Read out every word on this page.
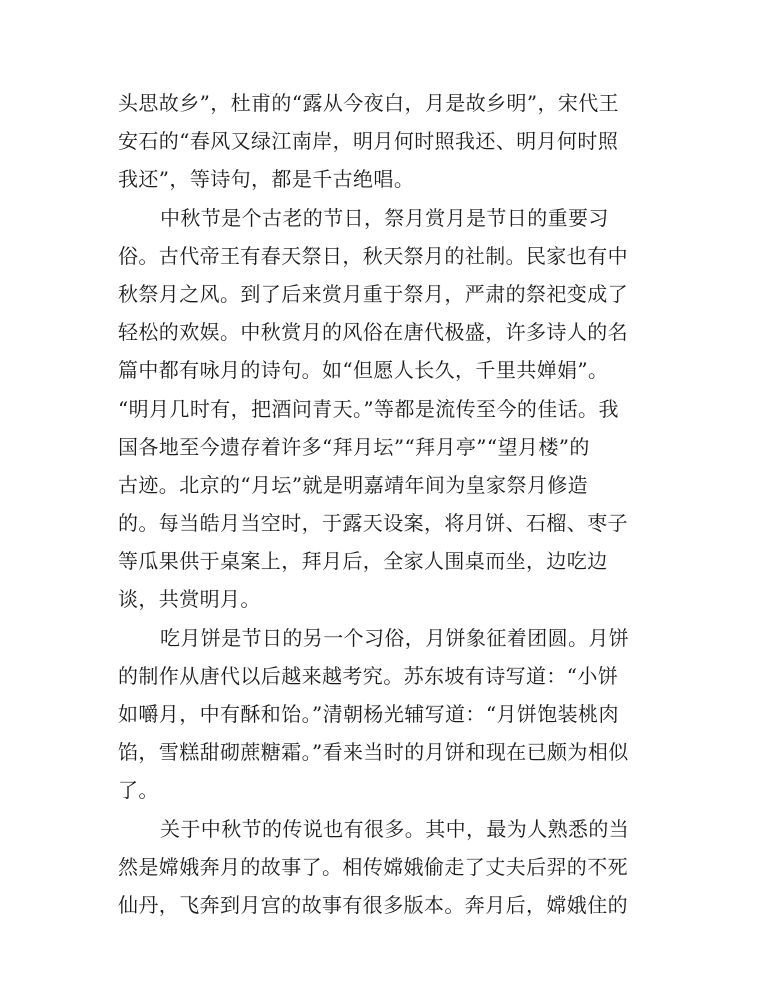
头思故乡”，杜甫的“露从今夜白，月是故乡明”，宋代王
安石的“春风又绿江南岸，明月何时照我还、明月何时照
我还”，等诗句，都是千古绝唱。
中秋节是个古老的节日，祭月赏月是节日的重要习
俗。古代帝王有春天祭日，秋天祭月的社制。民家也有中
秋祭月之风。到了后来赏月重于祭月，严肃的祭祀变成了
轻松的欢娱。中秋赏月的风俗在唐代极盛，许多诗人的名
篇中都有咏月的诗句。如“但愿人长久，千里共婵娟”。
“明月几时有，把酒问青天。”等都是流传至今的佳话。我
国各地至今遗存着许多“拜月坛”“拜月亭”“望月楼”的
古迹。北京的“月坛”就是明嘉靖年间为皇家祭月修造
的。每当皓月当空时，于露天设案，将月饼、石榴、枣子
等瓜果供于桌案上，拜月后，全家人围桌而坐，边吃边
谈，共赏明月。
吃月饼是节日的另一个习俗，月饼象征着团圆。月饼
的制作从唐代以后越来越考究。苏东坡有诗写道：“小饼
如嚼月，中有酥和饴。”清朝杨光辅写道：“月饼饱装桃肉
馅，雪糕甜砌蔗糖霜。”看来当时的月饼和现在已颇为相似
了。
关于中秋节的传说也有很多。其中，最为人熟悉的当
然是嫦娥奔月的故事了。相传嫦娥偷走了丈夫后羿的不死
仙丹，飞奔到月宫的故事有很多版本。奔月后，嫦娥住的
